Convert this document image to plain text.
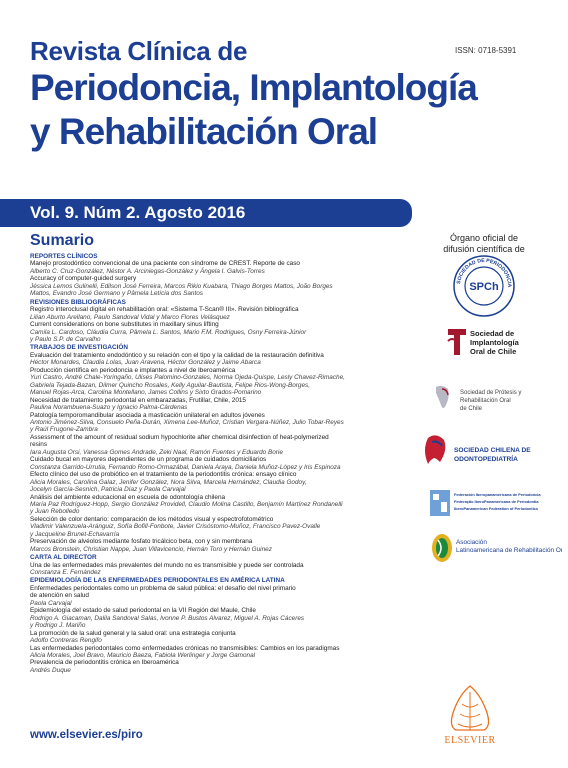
ISSN: 0718-5391
Revista Clínica de
Periodoncia, Implantología
y Rehabilitación Oral
Vol. 9. Núm 2. Agosto 2016
Sumario
REPORTES CLÍNICOS
Manejo prostodóntico convencional de una paciente con síndrome de CREST. Reporte de caso
Alberto C. Cruz-González, Néstor A. Arciniegas-González y Ángela I. Galvis-Torres
Accuracy of computer-guided surgery
Jéssica Lemos Gulinelli, Edilson José Ferreira, Marcos Rikio Kuabara, Thiago Borges Mattos, João Borges
Mattos, Evandro José Germano y Pâmela Letícia dos Santos
REVISIONES BIBLIOGRÁFICAS
Registro interoclusal digital en rehabilitación oral: «Sistema T-Scan® III». Revisión bibliográfica
Lilian Aburto Arellano, Paulo Sandoval Vidal y Marco Flores Velásquez
Current considerations on bone substitutes in maxillary sinus lifting
Camila L. Cardoso, Cláudia Curra, Pâmela L. Santos, Mario F.M. Rodrigues, Osny Ferreira-Júnior
y Paulo S.P. de Carvalho
TRABAJOS DE INVESTIGACIÓN
Evaluación del tratamiento endodóntico y su relación con el tipo y la calidad de la restauración definitiva
Héctor Monardes, Claudia Lolas, Juan Aravena, Héctor González y Jaime Abarca
Producción científica en periodoncia e implantes a nivel de Iberoamérica
Yuri Castro, André Chale-Yoringaño, Ulises Palomino-Gonzales, Norma Ojeda-Quispe, Lesly Chavez-Rimache,
Gabriela Tejada-Bazan, Dilmer Quincho Rosales, Kelly Aguilar-Bautista, Felipe Rios-Wong-Borges,
Manuel Rojas-Arca, Carolina Montellano, James Collins y Sixto Grados-Pomarino
Necesidad de tratamiento periodontal en embarazadas, Frutillar, Chile, 2015
Paulina Norambuena-Suazo y Ignacio Palma-Cárdenas
Patología temporomandibular asociada a masticación unilateral en adultos jóvenes
Antonio Jiménez-Silva, Consuelo Peña-Durán, Ximena Lee-Muñoz, Cristian Vergara-Núñez, Julio Tobar-Reyes
y Raúl Frugone-Zambra
Assessment of the amount of residual sodium hypochlorite after chemical disinfection of heat-polymerized
resins
Iara Augusta Orsi, Vanessa Gomes Andrade, Zeki Naal, Ramón Fuentes y Eduardo Borie
Cuidado bucal en mayores dependientes de un programa de cuidados domiciliarios
Constanza Garrido-Urrutia, Fernando Romo-Ormazábal, Daniela Araya, Daniela Muñoz-López y Iris Espinoza
Efecto clínico del uso de probiótico en el tratamiento de la periodontitis crónica: ensayo clínico
Alicia Morales, Carolina Galaz, Jenifer González, Nora Silva, Marcela Hernández, Claudia Godoy,
Jocelyn García-Sesnich, Patricia Díaz y Paola Carvajal
Análisis del ambiente educacional en escuela de odontología chilena
María Paz Rodríguez-Hopp, Sergio González Providell, Claudio Molina Castillo, Benjamín Martínez Rondanelli
y Juan Rebolledo
Selección de color dentario: comparación de los métodos visual y espectrofotométrico
Vladimir Valenzuela-Aránguiz, Sofía Bofill-Fonbote, Javier Crisóstomo-Muñoz, Francisco Pavez-Ovalle
y Jacqueline Brunet-Echavarría
Preservación de alvéolos mediante fosfato tricálcico beta, con y sin membrana
Marcos Bronstein, Christian Nappe, Juan Villavicencio, Hernán Toro y Hernán Guinez
CARTA AL DIRECTOR
Una de las enfermedades más prevalentes del mundo no es transmisible y puede ser controlada
Constanza E. Fernández
EPIDEMIOLOGÍA DE LAS ENFERMEDADES PERIODONTALES EN AMÉRICA LATINA
Enfermedades periodontales como un problema de salud pública: el desafío del nivel primario
de atención en salud
Paola Carvajal
Epidemiología del estado de salud periodontal en la VII Región del Maule, Chile
Rodrigo A. Giacaman, Dalila Sandoval Salas, Ivonne P. Bustos Alvarez, Miguel A. Rojas Cáceres
y Rodrigo J. Mariño
La promoción de la salud general y la salud oral: una estrategia conjunta
Adolfo Contreras Rengifo
Las enfermedades periodontales como enfermedades crónicas no transmisibles: Cambios en los paradigmas
Alicia Morales, Joel Bravo, Mauricio Baeza, Fabiola Werlinger y Jorge Gamonal
Prevalencia de periodontitis crónica en Iberoamérica
Andrés Duque
www.elsevier.es/piro
Órgano oficial de
difusión científica de
SOCIEDAD DE PERIODONCIA
SPCh
Sociedad de
Implantología
Oral de Chile
Sociedad de Prótesis y
Rehabilitación Oral
de Chile
SOCIEDAD CHILENA DE
ODONTOPEDIATRÍA
Federación Iberopanamericana de Periodoncia
Federação IberoPanamericana de Periodontia
IberoPanamerican Federation of Periodontics
Asociación
Latinoamericana de Rehabilitación Oral
ELSEVIER
